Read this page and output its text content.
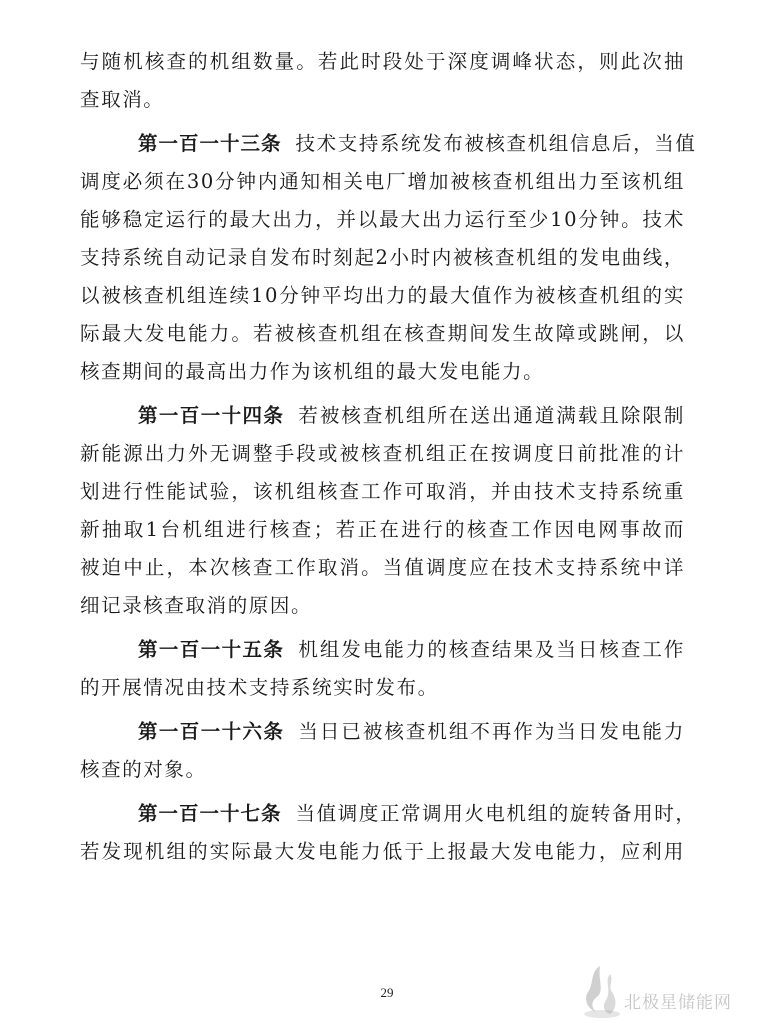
与随机核查的机组数量。若此时段处于深度调峰状态，则此次抽
查取消。

第一百一十三条 技术支持系统发布被核查机组信息后，当值
调度必须在30分钟内通知相关电厂增加被核查机组出力至该机组
能够稳定运行的最大出力，并以最大出力运行至少10分钟。技术
支持系统自动记录自发布时刻起2小时内被核查机组的发电曲线，
以被核查机组连续10分钟平均出力的最大值作为被核查机组的实
际最大发电能力。若被核查机组在核查期间发生故障或跳闸，以
核查期间的最高出力作为该机组的最大发电能力。

第一百一十四条 若被核查机组所在送出通道满载且除限制
新能源出力外无调整手段或被核查机组正在按调度日前批准的计
划进行性能试验，该机组核查工作可取消，并由技术支持系统重
新抽取1台机组进行核查；若正在进行的核查工作因电网事故而
被迫中止，本次核查工作取消。当值调度应在技术支持系统中详
细记录核查取消的原因。

第一百一十五条 机组发电能力的核查结果及当日核查工作
的开展情况由技术支持系统实时发布。

第一百一十六条 当日已被核查机组不再作为当日发电能力
核查的对象。

第一百一十七条 当值调度正常调用火电机组的旋转备用时，
若发现机组的实际最大发电能力低于上报最大发电能力，应利用

29
北极星储能网
